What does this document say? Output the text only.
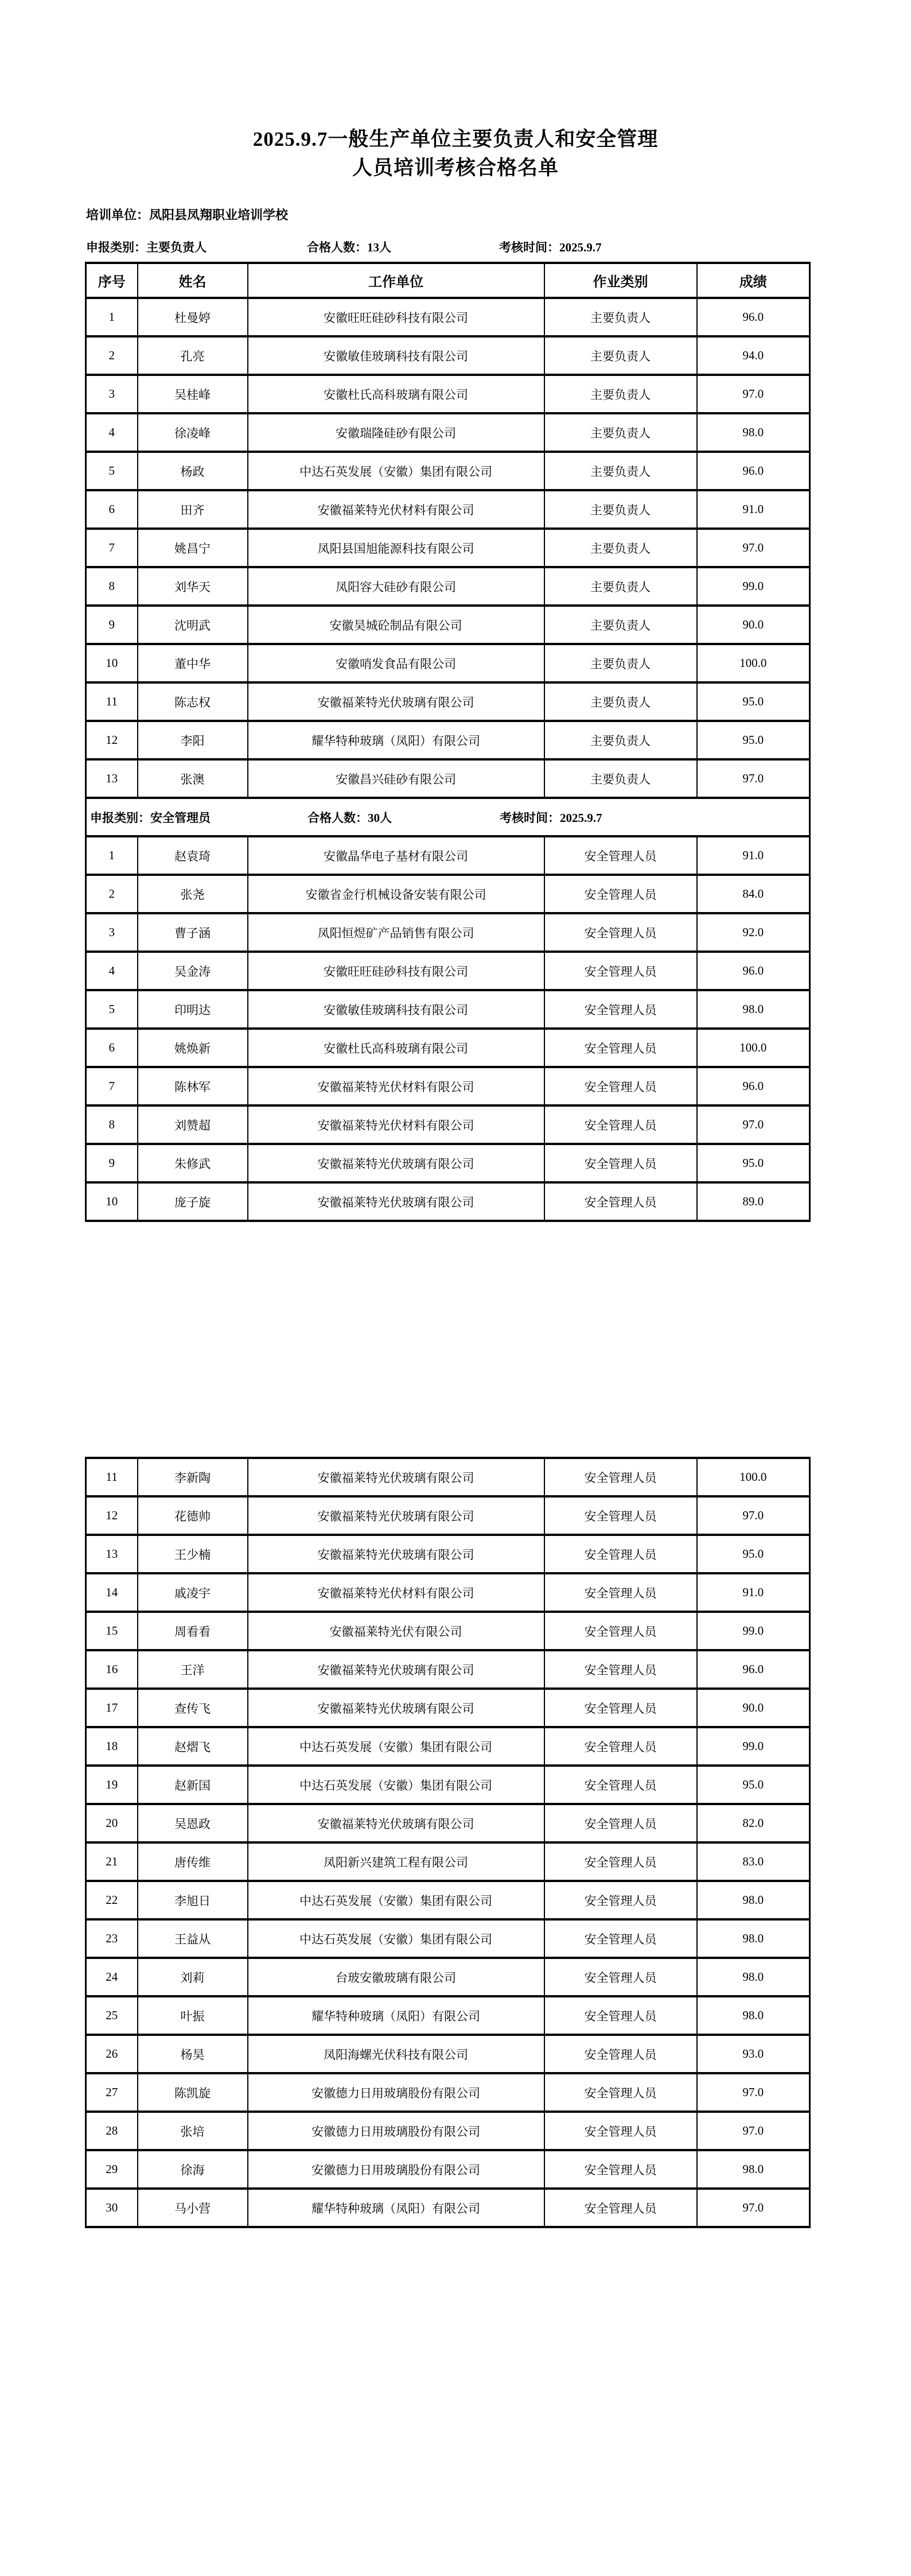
2025.9.7一般生产单位主要负责人和安全管理
人员培训考核合格名单
培训单位：凤阳县凤翔职业培训学校
申报类别：主要负责人	合格人数：13人	考核时间：2025.9.7
序号	姓名	工作单位	作业类别	成绩
1	杜曼婷	安徽旺旺硅砂科技有限公司	主要负责人	96.0
2	孔亮	安徽敏佳玻璃科技有限公司	主要负责人	94.0
3	吴桂峰	安徽杜氏高科玻璃有限公司	主要负责人	97.0
4	徐凌峰	安徽瑞隆硅砂有限公司	主要负责人	98.0
5	杨政	中达石英发展（安徽）集团有限公司	主要负责人	96.0
6	田齐	安徽福莱特光伏材料有限公司	主要负责人	91.0
7	姚昌宁	凤阳县国旭能源科技有限公司	主要负责人	97.0
8	刘华天	凤阳容大硅砂有限公司	主要负责人	99.0
9	沈明武	安徽昊城砼制品有限公司	主要负责人	90.0
10	董中华	安徽哨发食品有限公司	主要负责人	100.0
11	陈志权	安徽福莱特光伏玻璃有限公司	主要负责人	95.0
12	李阳	耀华特种玻璃（凤阳）有限公司	主要负责人	95.0
13	张澳	安徽昌兴硅砂有限公司	主要负责人	97.0
申报类别：安全管理员 合格人数：30人 考核时间：2025.9.7				
1	赵袁琦	安徽晶华电子基材有限公司	安全管理人员	91.0
2	张尧	安徽省金行机械设备安装有限公司	安全管理人员	84.0
3	曹子涵	凤阳恒煜矿产品销售有限公司	安全管理人员	92.0
4	吴金涛	安徽旺旺硅砂科技有限公司	安全管理人员	96.0
5	印明达	安徽敏佳玻璃科技有限公司	安全管理人员	98.0
6	姚焕新	安徽杜氏高科玻璃有限公司	安全管理人员	100.0
7	陈林军	安徽福莱特光伏材料有限公司	安全管理人员	96.0
8	刘赞超	安徽福莱特光伏材料有限公司	安全管理人员	97.0
9	朱修武	安徽福莱特光伏玻璃有限公司	安全管理人员	95.0
10	庞子旋	安徽福莱特光伏玻璃有限公司	安全管理人员	89.0
11	李新陶	安徽福莱特光伏玻璃有限公司	安全管理人员	100.0
12	花德帅	安徽福莱特光伏玻璃有限公司	安全管理人员	97.0
13	王少楠	安徽福莱特光伏玻璃有限公司	安全管理人员	95.0
14	戚凌宇	安徽福莱特光伏材料有限公司	安全管理人员	91.0
15	周看看	安徽福莱特光伏有限公司	安全管理人员	99.0
16	王洋	安徽福莱特光伏玻璃有限公司	安全管理人员	96.0
17	查传飞	安徽福莱特光伏玻璃有限公司	安全管理人员	90.0
18	赵熠飞	中达石英发展（安徽）集团有限公司	安全管理人员	99.0
19	赵新国	中达石英发展（安徽）集团有限公司	安全管理人员	95.0
20	吴恩政	安徽福莱特光伏玻璃有限公司	安全管理人员	82.0
21	唐传维	凤阳新兴建筑工程有限公司	安全管理人员	83.0
22	李旭日	中达石英发展（安徽）集团有限公司	安全管理人员	98.0
23	王益从	中达石英发展（安徽）集团有限公司	安全管理人员	98.0
24	刘莉	台玻安徽玻璃有限公司	安全管理人员	98.0
25	叶振	耀华特种玻璃（凤阳）有限公司	安全管理人员	98.0
26	杨昊	凤阳海螺光伏科技有限公司	安全管理人员	93.0
27	陈凯旋	安徽德力日用玻璃股份有限公司	安全管理人员	97.0
28	张培	安徽德力日用玻璃股份有限公司	安全管理人员	97.0
29	徐海	安徽德力日用玻璃股份有限公司	安全管理人员	98.0
30	马小营	耀华特种玻璃（凤阳）有限公司	安全管理人员	97.0
